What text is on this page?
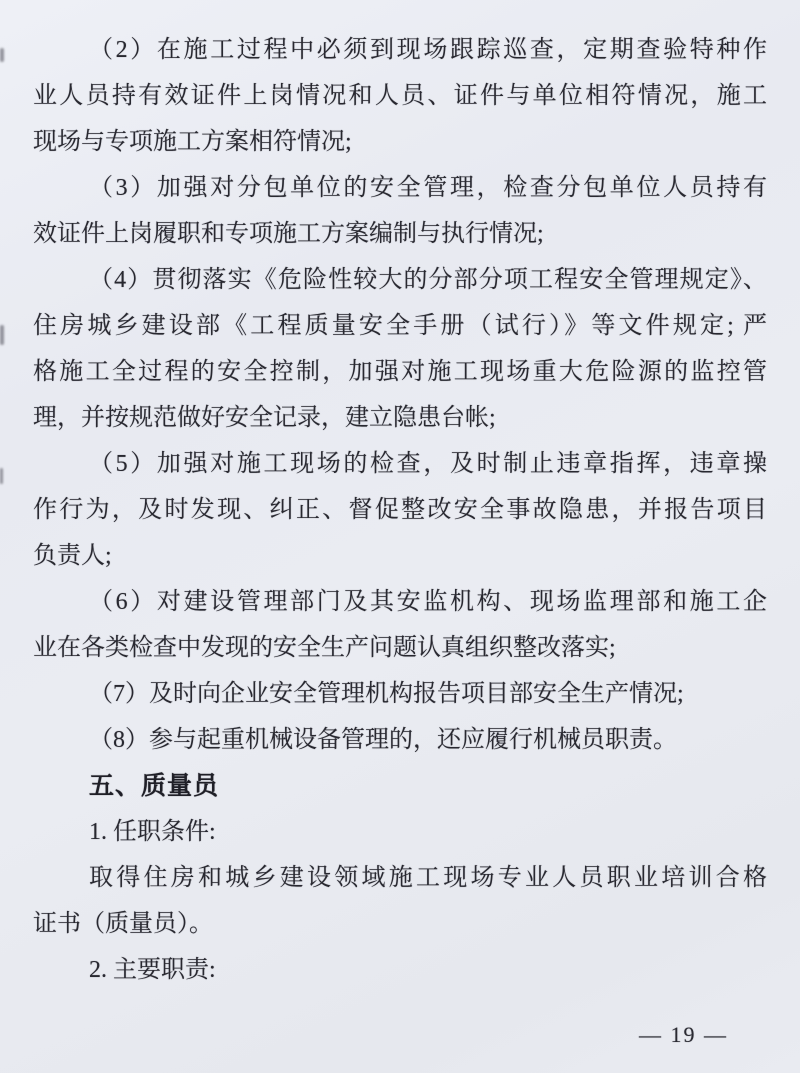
（2）在施工过程中必须到现场跟踪巡查，定期查验特种作
业人员持有效证件上岗情况和人员、证件与单位相符情况，施工
现场与专项施工方案相符情况;
（3）加强对分包单位的安全管理，检查分包单位人员持有
效证件上岗履职和专项施工方案编制与执行情况;
（4）贯彻落实《危险性较大的分部分项工程安全管理规定》、
住房城乡建设部《工程质量安全手册（试行）》等文件规定; 严
格施工全过程的安全控制，加强对施工现场重大危险源的监控管
理，并按规范做好安全记录，建立隐患台帐;
（5）加强对施工现场的检查，及时制止违章指挥，违章操
作行为，及时发现、纠正、督促整改安全事故隐患，并报告项目
负责人;
（6）对建设管理部门及其安监机构、现场监理部和施工企
业在各类检查中发现的安全生产问题认真组织整改落实;
（7）及时向企业安全管理机构报告项目部安全生产情况;
（8）参与起重机械设备管理的，还应履行机械员职责。
五、质量员
1. 任职条件:
取得住房和城乡建设领域施工现场专业人员职业培训合格
证书（质量员）。
2. 主要职责:
— 19 —
